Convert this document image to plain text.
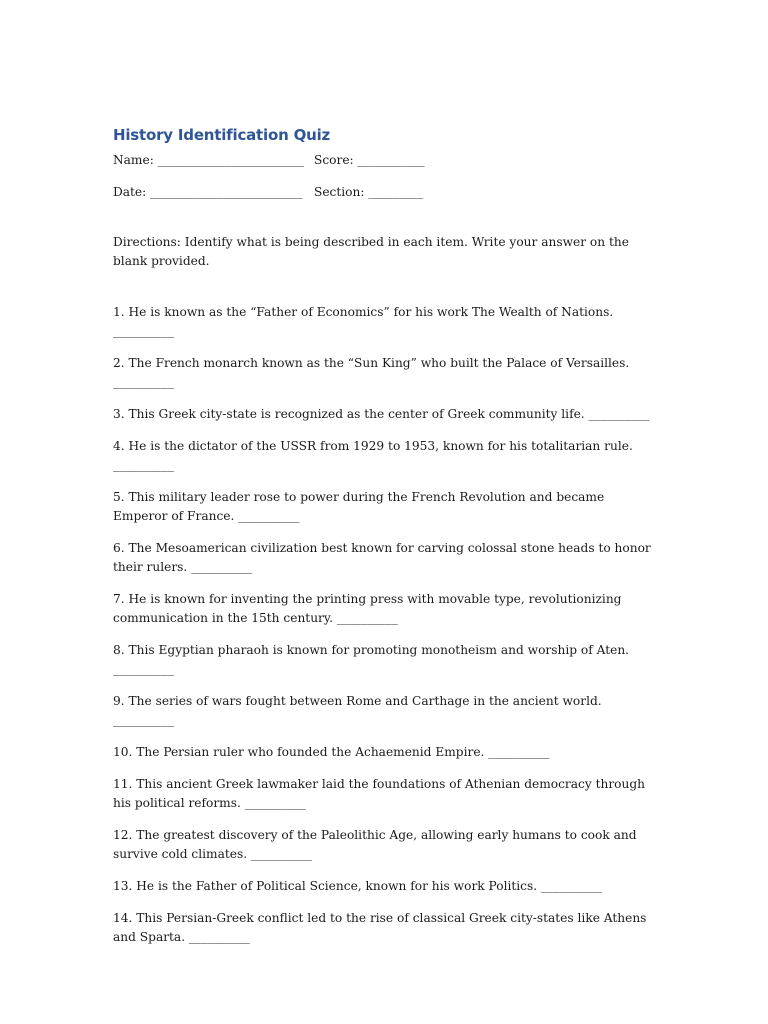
History Identification Quiz
Name: ________________________ Score: ___________
Date: _________________________ Section: _________

Directions: Identify what is being described in each item. Write your answer on the blank provided.

1. He is known as the “Father of Economics” for his work The Wealth of Nations. __________
2. The French monarch known as the “Sun King” who built the Palace of Versailles. __________
3. This Greek city-state is recognized as the center of Greek community life. __________
4. He is the dictator of the USSR from 1929 to 1953, known for his totalitarian rule. __________
5. This military leader rose to power during the French Revolution and became Emperor of France. __________
6. The Mesoamerican civilization best known for carving colossal stone heads to honor their rulers. __________
7. He is known for inventing the printing press with movable type, revolutionizing communication in the 15th century. __________
8. This Egyptian pharaoh is known for promoting monotheism and worship of Aten. __________
9. The series of wars fought between Rome and Carthage in the ancient world. __________
10. The Persian ruler who founded the Achaemenid Empire. __________
11. This ancient Greek lawmaker laid the foundations of Athenian democracy through his political reforms. __________
12. The greatest discovery of the Paleolithic Age, allowing early humans to cook and survive cold climates. __________
13. He is the Father of Political Science, known for his work Politics. __________
14. This Persian-Greek conflict led to the rise of classical Greek city-states like Athens and Sparta. __________
